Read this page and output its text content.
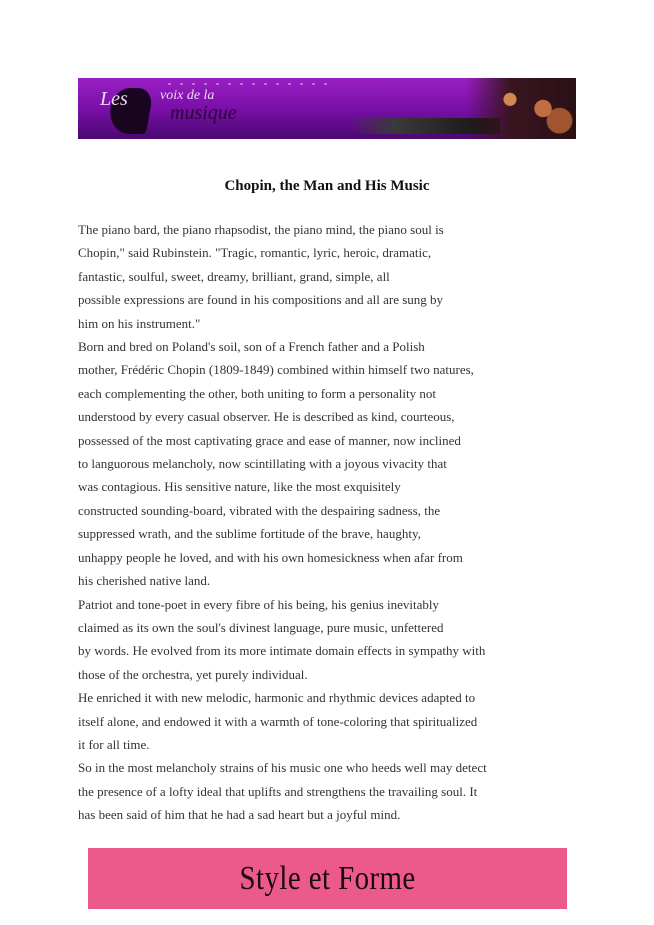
Les voix de la
musique
Chopin, the Man and His Music
The piano bard, the piano rhapsodist, the piano mind, the piano soul is
Chopin," said Rubinstein. "Tragic, romantic, lyric, heroic, dramatic,
fantastic, soulful, sweet, dreamy, brilliant, grand, simple, all
possible expressions are found in his compositions and all are sung by
him on his instrument."
Born and bred on Poland's soil, son of a French father and a Polish
mother, Frédéric Chopin (1809-1849) combined within himself two natures,
each complementing the other, both uniting to form a personality not
understood by every casual observer. He is described as kind, courteous,
possessed of the most captivating grace and ease of manner, now inclined
to languorous melancholy, now scintillating with a joyous vivacity that
was contagious. His sensitive nature, like the most exquisitely
constructed sounding-board, vibrated with the despairing sadness, the
suppressed wrath, and the sublime fortitude of the brave, haughty,
unhappy people he loved, and with his own homesickness when afar from
his cherished native land.
Patriot and tone-poet in every fibre of his being, his genius inevitably
claimed as its own the soul's divinest language, pure music, unfettered
by words. He evolved from its more intimate domain effects in sympathy with
those of the orchestra, yet purely individual.
He enriched it with new melodic, harmonic and rhythmic devices adapted to
itself alone, and endowed it with a warmth of tone-coloring that spiritualized
it for all time.
So in the most melancholy strains of his music one who heeds well may detect
the presence of a lofty ideal that uplifts and strengthens the travailing soul. It
has been said of him that he had a sad heart but a joyful mind.
Style et Forme
